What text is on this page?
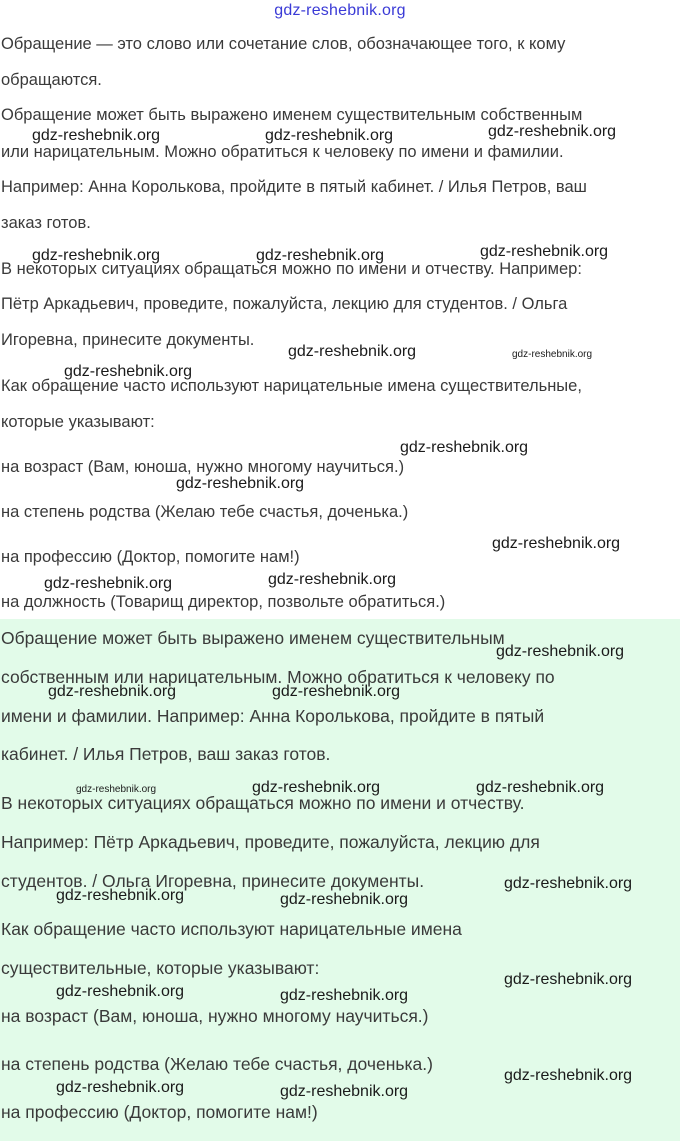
gdz-reshebnik.org
Обращение — это слово или сочетание слов, обозначающее того, к кому
обращаются.
Обращение может быть выражено именем существительным собственным
или нарицательным. Можно обратиться к человеку по имени и фамилии.
Например: Анна Королькова, пройдите в пятый кабинет. / Илья Петров, ваш
заказ готов.
В некоторых ситуациях обращаться можно по имени и отчеству. Например:
Пётр Аркадьевич, проведите, пожалуйста, лекцию для студентов. / Ольга
Игоревна, принесите документы.
Как обращение часто используют нарицательные имена существительные,
которые указывают:
на возраст (Вам, юноша, нужно многому научиться.)
на степень родства (Желаю тебе счастья, доченька.)
на профессию (Доктор, помогите нам!)
на должность (Товарищ директор, позвольте обратиться.)
Обращение может быть выражено именем существительным
собственным или нарицательным. Можно обратиться к человеку по
имени и фамилии. Например: Анна Королькова, пройдите в пятый
кабинет. / Илья Петров, ваш заказ готов.
В некоторых ситуациях обращаться можно по имени и отчеству.
Например: Пётр Аркадьевич, проведите, пожалуйста, лекцию для
студентов. / Ольга Игоревна, принесите документы.
Как обращение часто используют нарицательные имена
существительные, которые указывают:
на возраст (Вам, юноша, нужно многому научиться.)
на степень родства (Желаю тебе счастья, доченька.)
на профессию (Доктор, помогите нам!)
gdz-reshebnik.org	gdz-reshebnik.org	gdz-reshebnik.org
gdz-reshebnik.org	gdz-reshebnik.org	gdz-reshebnik.org
gdz-reshebnik.org	gdz-reshebnik.org
gdz-reshebnik.org
gdz-reshebnik.org
gdz-reshebnik.org
gdz-reshebnik.org
gdz-reshebnik.org	gdz-reshebnik.org
gdz-reshebnik.org
gdz-reshebnik.org	gdz-reshebnik.org
gdz-reshebnik.org	gdz-reshebnik.org	gdz-reshebnik.org
gdz-reshebnik.org
gdz-reshebnik.org	gdz-reshebnik.org
gdz-reshebnik.org
gdz-reshebnik.org	gdz-reshebnik.org
gdz-reshebnik.org
gdz-reshebnik.org	gdz-reshebnik.org
